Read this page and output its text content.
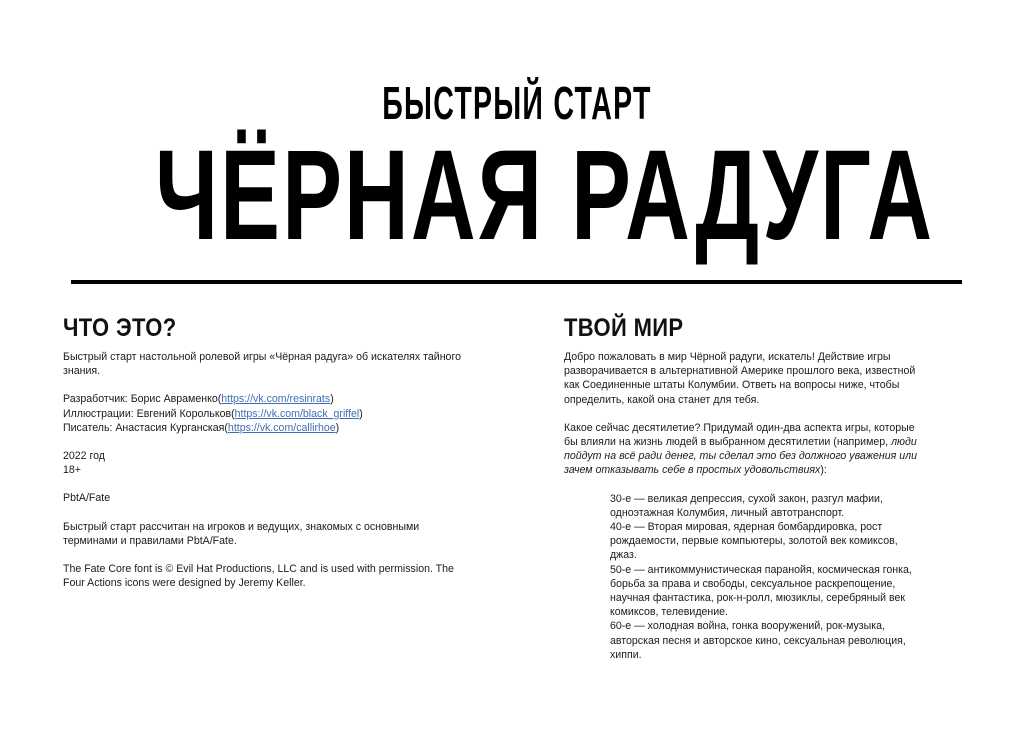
БЫСТРЫЙ СТАРТ
ЧЁРНАЯ РАДУГА
ЧТО ЭТО?

Быстрый старт настольной ролевой игры «Чёрная радуга» об искателях тайного знания.

Разработчик: Борис Авраменко(https://vk.com/resinrats)
Иллюстрации: Евгений Корольков(https://vk.com/black_griffel)
Писатель: Анастасия Курганская(https://vk.com/callirhoe)
2022 год
18+
PbtA/Fate

Быстрый старт рассчитан на игроков и ведущих, знакомых с основными терминами и правилами PbtA/Fate.

The Fate Core font is © Evil Hat Productions, LLC and is used with permission. The Four Actions icons were designed by Jeremy Keller.

ТВОЙ МИР

Добро пожаловать в мир Чёрной радуги, искатель! Действие игры разворачивается в альтернативной Америке прошлого века, известной как Соединенные штаты Колумбии. Ответь на вопросы ниже, чтобы определить, какой она станет для тебя.

Какое сейчас десятилетие? Придумай один-два аспекта игры, которые бы влияли на жизнь людей в выбранном десятилетии (например, люди пойдут на всё ради денег, ты сделал это без должного уважения или зачем отказывать себе в простых удовольствиях):

30-е — великая депрессия, сухой закон, разгул мафии, одноэтажная Колумбия, личный автотранспорт.
40-е — Вторая мировая, ядерная бомбардировка, рост рождаемости, первые компьютеры, золотой век комиксов, джаз.
50-е — антикоммунистическая паранойя, космическая гонка, борьба за права и свободы, сексуальное раскрепощение, научная фантастика, рок-н-ролл, мюзиклы, серебряный век комиксов, телевидение.
60-е — холодная война, гонка вооружений, рок-музыка, авторская песня и авторское кино, сексуальная революция, хиппи.
